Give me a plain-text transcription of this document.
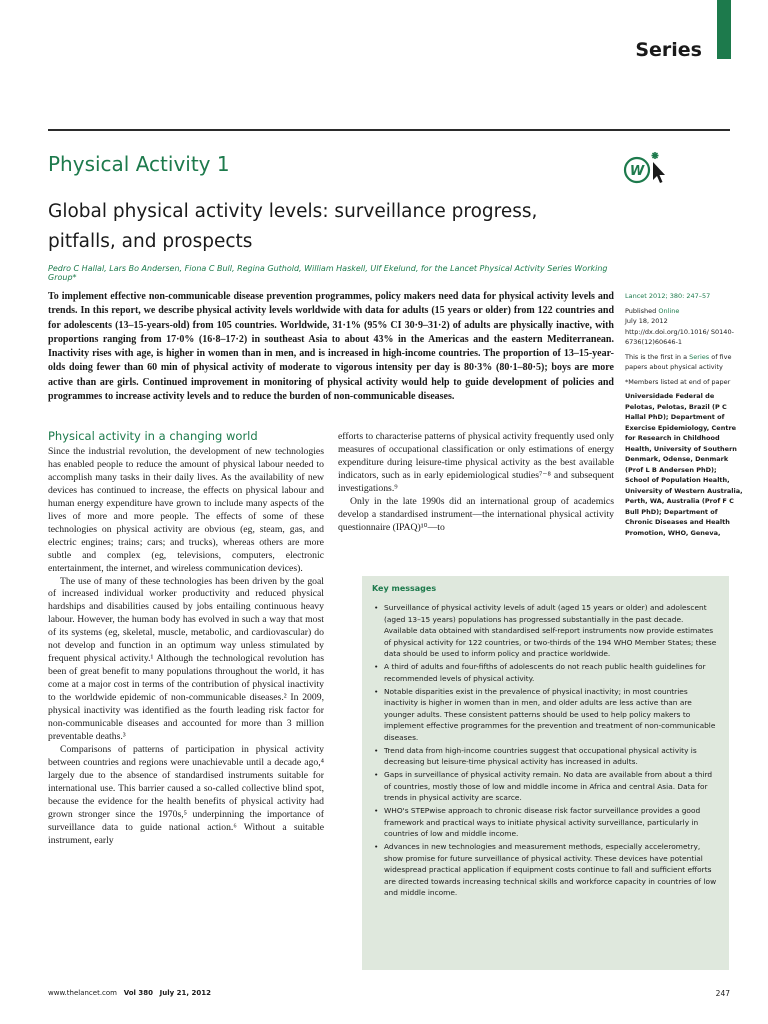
Series
Physical Activity 1	W
Global physical activity levels: surveillance progress, pitfalls, and prospects
Pedro C Hallal, Lars Bo Andersen, Fiona C Bull, Regina Guthold, William Haskell, Ulf Ekelund, for the Lancet Physical Activity Series Working Group*
To implement effective non-communicable disease prevention programmes, policy makers need data for physical activity levels and trends. In this report, we describe physical activity levels worldwide with data for adults (15 years or older) from 122 countries and for adolescents (13–15-years-old) from 105 countries. Worldwide, 31·1% (95% CI 30·9–31·2) of adults are physically inactive, with proportions ranging from 17·0% (16·8–17·2) in southeast Asia to about 43% in the Americas and the eastern Mediterranean. Inactivity rises with age, is higher in women than in men, and is increased in high-income countries. The proportion of 13–15-year-olds doing fewer than 60 min of physical activity of moderate to vigorous intensity per day is 80·3% (80·1–80·5); boys are more active than are girls. Continued improvement in monitoring of physical activity would help to guide development of policies and programmes to increase activity levels and to reduce the burden of non-communicable diseases.

Lancet 2012; 380: 247–57

Published Online
July 18, 2012
http://dx.doi.org/10.1016/ S0140-6736(12)60646-1

This is the first in a Series of five papers about physical activity

*Members listed at end of paper

Universidade Federal de Pelotas, Pelotas, Brazil (P C Hallal PhD); Department of Exercise Epidemiology, Centre for Research in Childhood Health, University of Southern Denmark, Odense, Denmark (Prof L B Andersen PhD); School of Population Health, University of Western Australia, Perth, WA, Australia (Prof F C Bull PhD); Department of Chronic Diseases and Health Promotion, WHO, Geneva,

Physical activity in a changing world

Since the industrial revolution, the development of new technologies has enabled people to reduce the amount of physical labour needed to accomplish many tasks in their daily lives. As the availability of new devices has continued to increase, the effects on physical labour and human energy expenditure have grown to include many aspects of the lives of more and more people. The effects of some of these technologies on physical activity are obvious (eg, steam, gas, and electric engines; trains; cars; and trucks), whereas others are more subtle and complex (eg, televisions, computers, electronic entertainment, the internet, and wireless communication devices).

The use of many of these technologies has been driven by the goal of increased individual worker productivity and reduced physical hardships and disabilities caused by jobs entailing continuous heavy labour. However, the human body has evolved in such a way that most of its systems (eg, skeletal, muscle, metabolic, and cardiovascular) do not develop and function in an optimum way unless stimulated by frequent physical activity.¹ Although the technological revolution has been of great benefit to many populations throughout the world, it has come at a major cost in terms of the contribution of physical inactivity to the worldwide epidemic of non-communicable diseases.² In 2009, physical inactivity was identified as the fourth leading risk factor for non-communicable diseases and accounted for more than 3 million preventable deaths.³

Comparisons of patterns of participation in physical activity between countries and regions were unachievable until a decade ago,⁴ largely due to the absence of standardised instruments suitable for international use. This barrier caused a so-called collective blind spot, because the evidence for the health benefits of physical activity had grown stronger since the 1970s,⁵ underpinning the importance of surveillance data to guide national action.⁶ Without a suitable instrument, early

efforts to characterise patterns of physical activity frequently used only measures of occupational classification or only estimations of energy expenditure during leisure-time physical activity as the best available indicators, such as in early epidemiological studies⁷⁻⁸ and subsequent investigations.⁹

Only in the late 1990s did an international group of academics develop a standardised instrument—the international physical activity questionnaire (IPAQ)¹⁰—to

Key messages
• Surveillance of physical activity levels of adult (aged 15 years or older) and adolescent (aged 13–15 years) populations has progressed substantially in the past decade. Available data obtained with standardised self-report instruments now provide estimates of physical activity for 122 countries, or two-thirds of the 194 WHO Member States; these data should be used to inform policy and practice worldwide.
• A third of adults and four-fifths of adolescents do not reach public health guidelines for recommended levels of physical activity.
• Notable disparities exist in the prevalence of physical inactivity; in most countries inactivity is higher in women than in men, and older adults are less active than are younger adults. These consistent patterns should be used to help policy makers to implement effective programmes for the prevention and treatment of non-communicable diseases.
• Trend data from high-income countries suggest that occupational physical activity is decreasing but leisure-time physical activity has increased in adults.
• Gaps in surveillance of physical activity remain. No data are available from about a third of countries, mostly those of low and middle income in Africa and central Asia. Data for trends in physical activity are scarce.
• WHO's STEPwise approach to chronic disease risk factor surveillance provides a good framework and practical ways to initiate physical activity surveillance, particularly in countries of low and middle income.
• Advances in new technologies and measurement methods, especially accelerometry, show promise for future surveillance of physical activity. These devices have potential widespread practical application if equipment costs continue to fall and sufficient efforts are directed towards increasing technical skills and workforce capacity in countries of low and middle income.
www.thelancet.com Vol 380 July 21, 2012	247
